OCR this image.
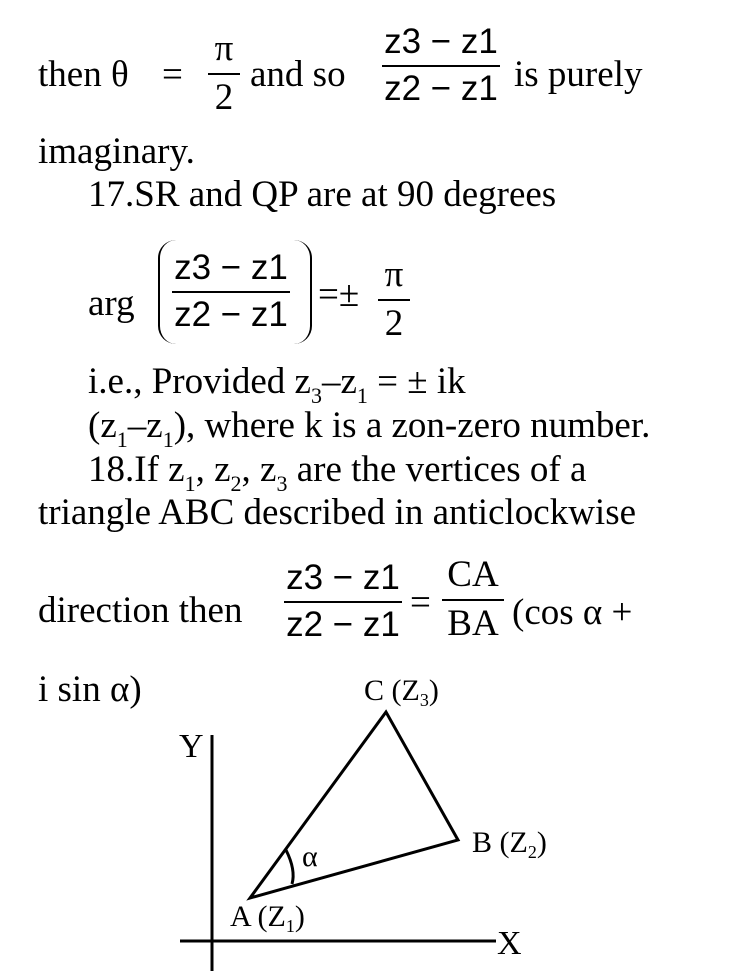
then θ =
π
2
and so
z3 − z1
z2 − z1 is purely
imaginary.
17.SR and QP are at 90 degrees
arg
z3 − z1
z2 − z1 =± π
2
i.e., Provided $z_3-z_1$ = ± ik
$(z_1-z_1)$, where k is a zon-zero number.
18.If $z_1$, $z_2$, $z_3$ are the vertices of a
triangle ABC described in anticlockwise
direction then
z3 − z1
z2 − z1
=
CA
BA (cos α +
i sin α)
Y
X
α
A $(Z_1)$
B $(Z_2)$
C $(Z_3)$
